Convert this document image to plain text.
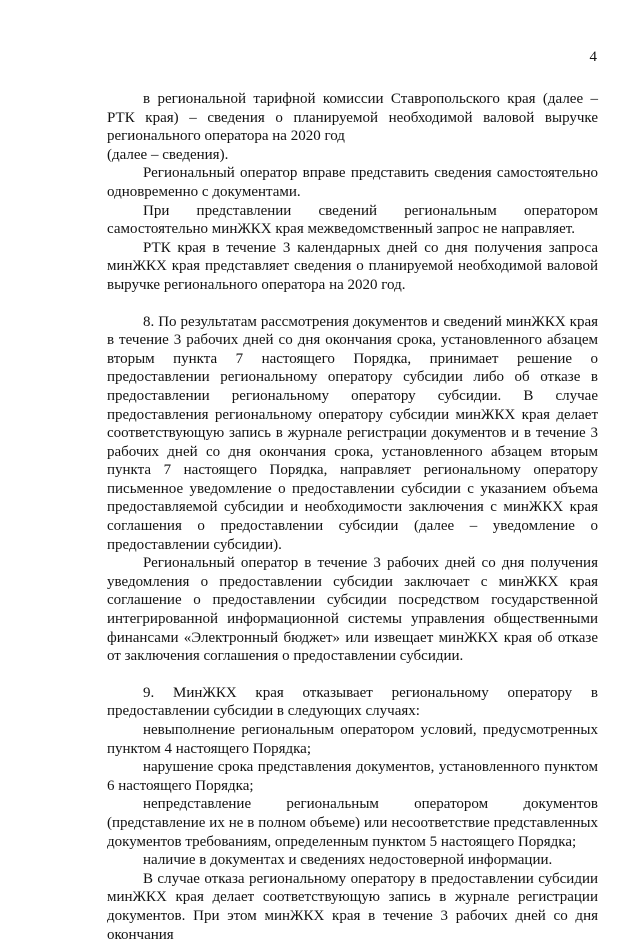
4

в региональной тарифной комиссии Ставропольского края (далее – РТК края) – сведения о планируемой необходимой валовой выручке регионального оператора на 2020 год

(далее – сведения).

Региональный оператор вправе представить сведения самостоятельно одновременно с документами.

При представлении сведений региональным оператором самостоятельно минЖКХ края межведомственный запрос не направляет.

РТК края в течение 3 календарных дней со дня получения запроса минЖКХ края представляет сведения о планируемой необходимой валовой выручке регионального оператора на 2020 год.

8. По результатам рассмотрения документов и сведений минЖКХ края в течение 3 рабочих дней со дня окончания срока, установленного абзацем вторым пункта 7 настоящего Порядка, принимает решение о предоставлении региональному оператору субсидии либо об отказе в предоставлении региональному оператору субсидии. В случае предоставления региональному оператору субсидии минЖКХ края делает соответствующую запись в журнале регистрации документов и в течение 3 рабочих дней со дня окончания срока, установленного абзацем вторым пункта 7 настоящего Порядка, направляет региональному оператору письменное уведомление о предоставлении субсидии с указанием объема предоставляемой субсидии и необходимости заключения с минЖКХ края соглашения о предоставлении субсидии (далее – уведомление о предоставлении субсидии).

Региональный оператор в течение 3 рабочих дней со дня получения уведомления о предоставлении субсидии заключает с минЖКХ края соглашение о предоставлении субсидии посредством государственной интегрированной информационной системы управления общественными финансами «Электронный бюджет» или извещает минЖКХ края об отказе от заключения соглашения о предоставлении субсидии.

9. МинЖКХ края отказывает региональному оператору в предоставлении субсидии в следующих случаях:

невыполнение региональным оператором условий, предусмотренных пунктом 4 настоящего Порядка;

нарушение срока представления документов, установленного пунктом 6 настоящего Порядка;

непредставление региональным оператором документов (представление их не в полном объеме) или несоответствие представленных документов требованиям, определенным пунктом 5 настоящего Порядка;

наличие в документах и сведениях недостоверной информации.

В случае отказа региональному оператору в предоставлении субсидии минЖКХ края делает соответствующую запись в журнале регистрации документов. При этом минЖКХ края в течение 3 рабочих дней со дня окончания
